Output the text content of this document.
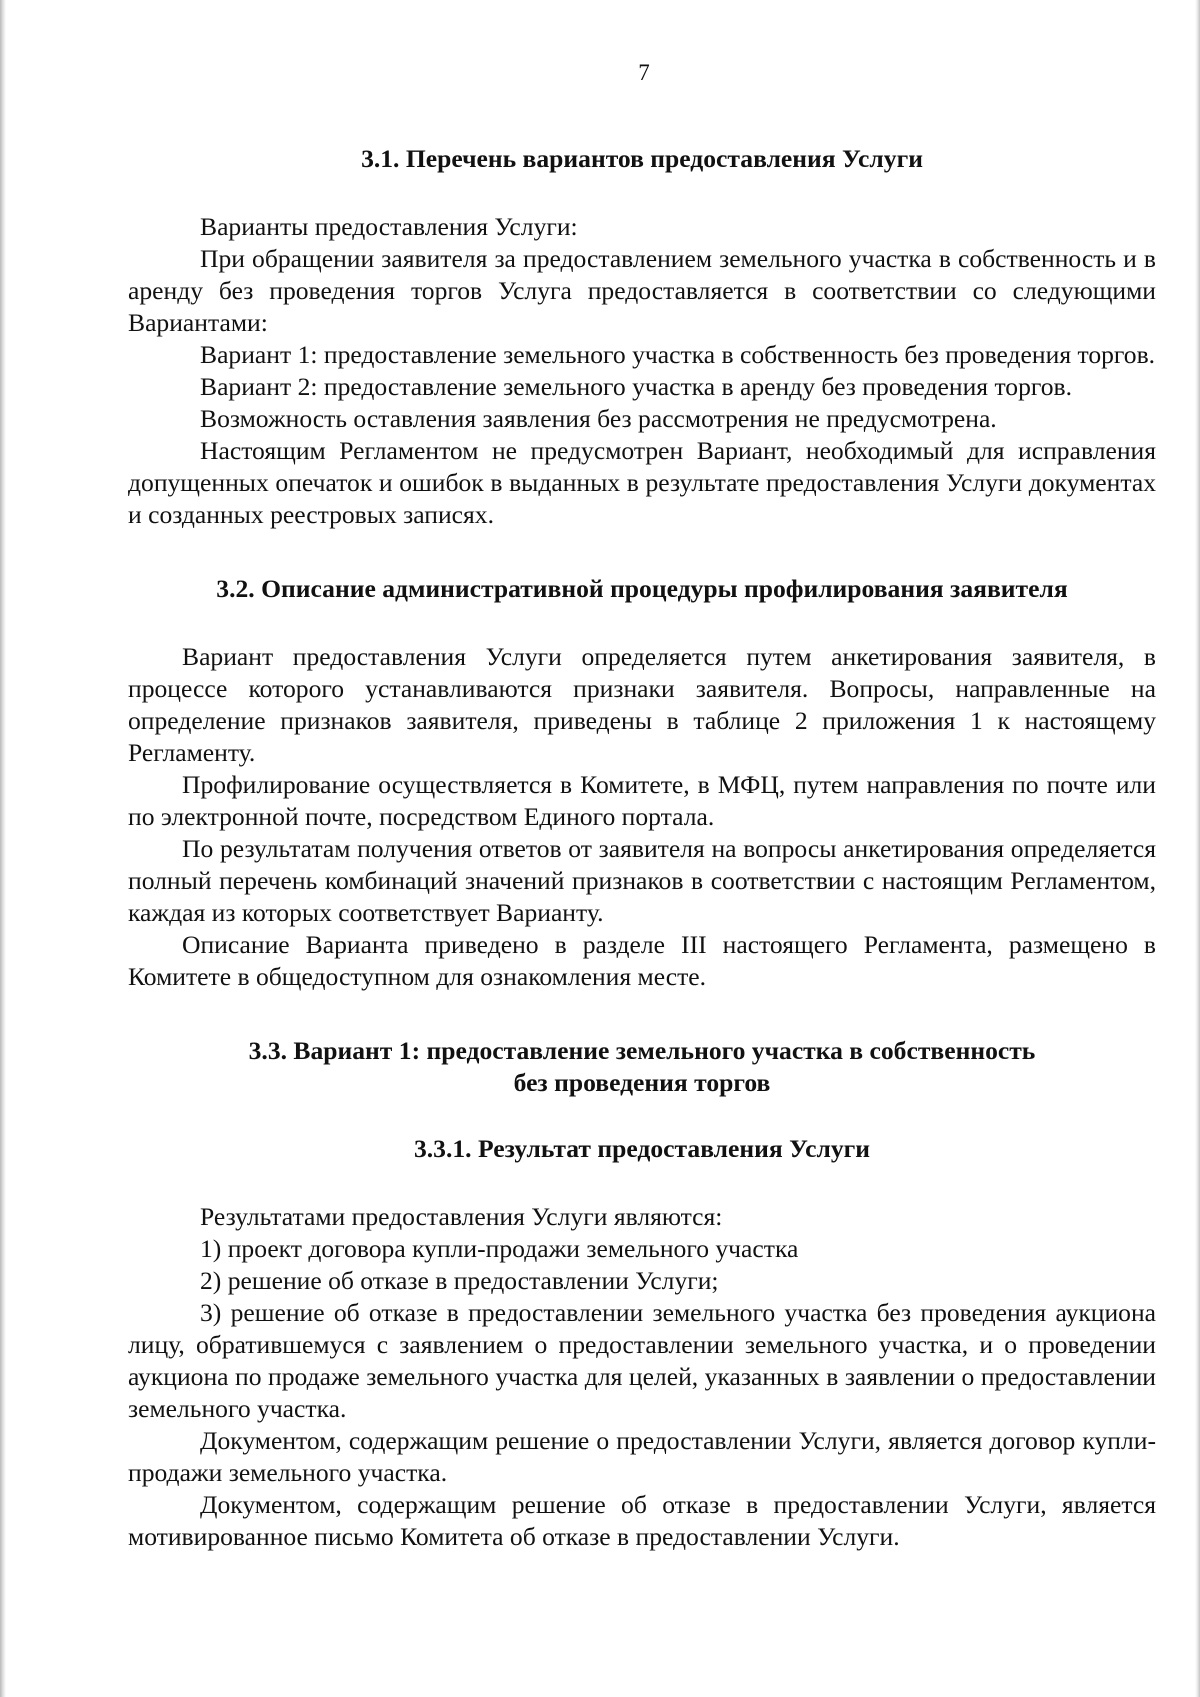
7
3.1. Перечень вариантов предоставления Услуги

Варианты предоставления Услуги:

При обращении заявителя за предоставлением земельного участка в собственность и в аренду без проведения торгов Услуга предоставляется в соответствии со следующими Вариантами:

Вариант 1: предоставление земельного участка в собственность без проведения торгов.

Вариант 2: предоставление земельного участка в аренду без проведения торгов.

Возможность оставления заявления без рассмотрения не предусмотрена.

Настоящим Регламентом не предусмотрен Вариант, необходимый для исправления допущенных опечаток и ошибок в выданных в результате предоставления Услуги документах и созданных реестровых записях.

3.2. Описание административной процедуры профилирования заявителя

Вариант предоставления Услуги определяется путем анкетирования заявителя, в процессе которого устанавливаются признаки заявителя. Вопросы, направленные на определение признаков заявителя, приведены в таблице 2 приложения 1 к настоящему Регламенту.

Профилирование осуществляется в Комитете, в МФЦ, путем направления по почте или по электронной почте, посредством Единого портала.

По результатам получения ответов от заявителя на вопросы анкетирования определяется полный перечень комбинаций значений признаков в соответствии с настоящим Регламентом, каждая из которых соответствует Варианту.

Описание Варианта приведено в разделе III настоящего Регламента, размещено в Комитете в общедоступном для ознакомления месте.

3.3. Вариант 1: предоставление земельного участка в собственность
без проведения торгов
3.3.1. Результат предоставления Услуги

Результатами предоставления Услуги являются:

1) проект договора купли-продажи земельного участка

2) решение об отказе в предоставлении Услуги;

3) решение об отказе в предоставлении земельного участка без проведения аукциона лицу, обратившемуся с заявлением о предоставлении земельного участка, и о проведении аукциона по продаже земельного участка для целей, указанных в заявлении о предоставлении земельного участка.

Документом, содержащим решение о предоставлении Услуги, является договор купли-продажи земельного участка.

Документом, содержащим решение об отказе в предоставлении Услуги, является мотивированное письмо Комитета об отказе в предоставлении Услуги.
